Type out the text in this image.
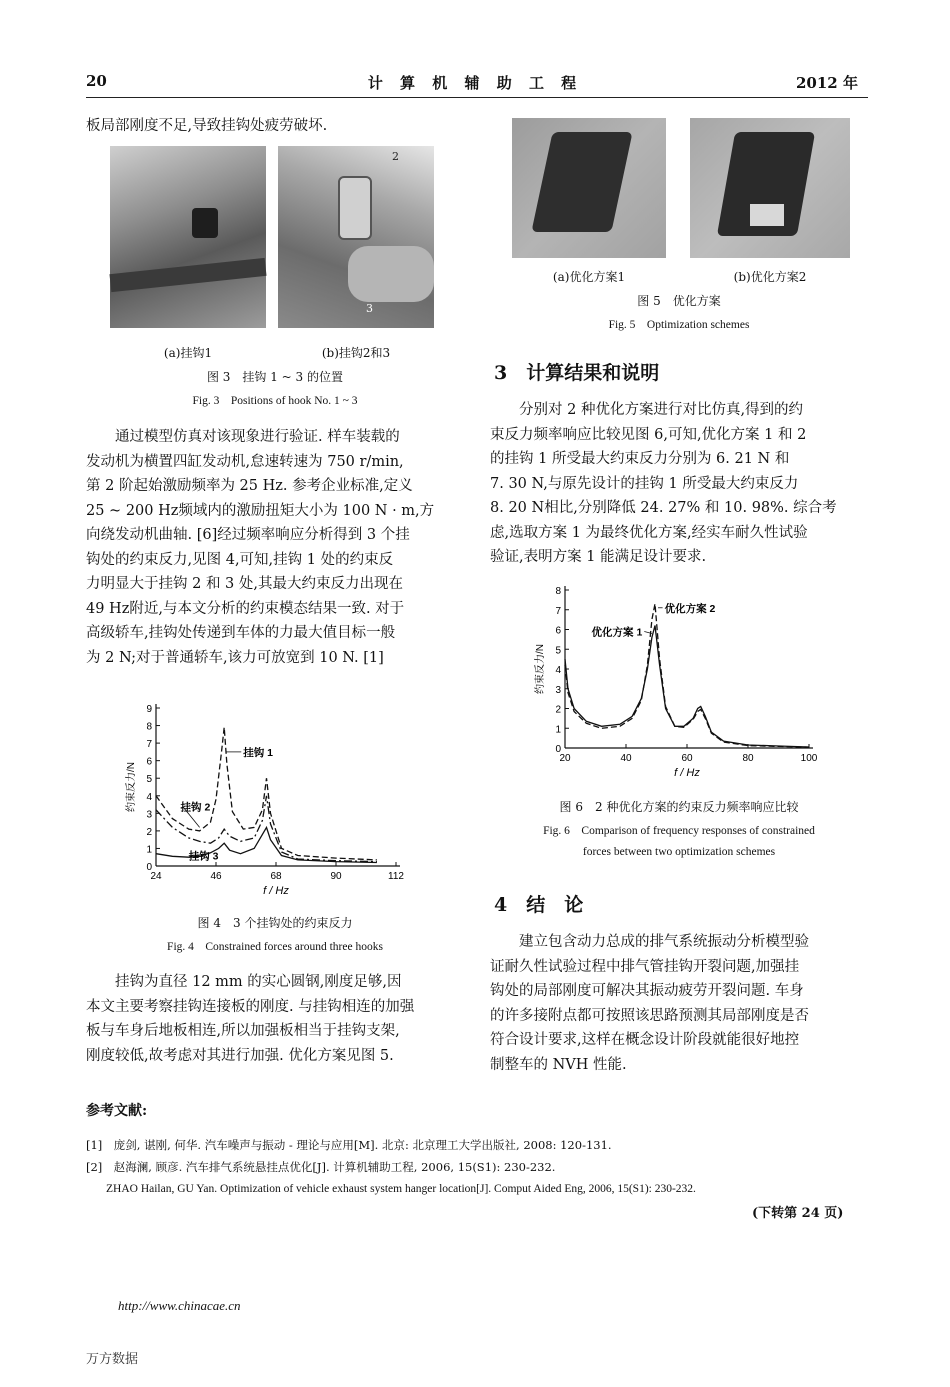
20	计 算 机 辅 助 工 程	2012 年
板局部刚度不足,导致挂钩处疲劳破坏.
2
3
(a)挂钩1	(b)挂钩2和3
图 3　挂钩 1 ~ 3 的位置
Fig. 3　Positions of hook No. 1 ~ 3
通过模型仿真对该现象进行验证. 样车装载的
发动机为横置四缸发动机,怠速转速为 750 r/min,
第 2 阶起始激励频率为 25 Hz. 参考企业标准,定义
25 ~ 200 Hz频域内的激励扭矩大小为 100 N · m,方
向绕发动机曲轴. [6]经过频率响应分析得到 3 个挂
钩处的约束反力,见图 4,可知,挂钩 1 处的约束反
力明显大于挂钩 2 和 3 处,其最大约束反力出现在
49 Hz附近,与本文分析的约束模态结果一致. 对于
高级轿车,挂钩处传递到车体的力最大值目标一般
为 2 N;对于普通轿车,该力可放宽到 10 N. [1]
0
1
2
3
4
5
6
7
8
9
24	46	68	90	112
f / Hz
约束反力/N
挂钩 1
挂钩 2
挂钩 3
图 4　3 个挂钩处的约束反力
Fig. 4　Constrained forces around three hooks
挂钩为直径 12 mm 的实心圆钢,刚度足够,因
本文主要考察挂钩连接板的刚度. 与挂钩相连的加强
板与车身后地板相连,所以加强板相当于挂钩支架,
刚度较低,故考虑对其进行加强. 优化方案见图 5.
(a)优化方案1	(b)优化方案2
图 5　优化方案
Fig. 5　Optimization schemes
3　计算结果和说明
分别对 2 种优化方案进行对比仿真,得到的约
束反力频率响应比较见图 6,可知,优化方案 1 和 2
的挂钩 1 所受最大约束反力分别为 6. 21 N 和
7. 30 N,与原先设计的挂钩 1 所受最大约束反力
8. 20 N相比,分别降低 24. 27% 和 10. 98%. 综合考
虑,选取方案 1 为最终优化方案,经实车耐久性试验
验证,表明方案 1 能满足设计要求.
0
1
2
3
4
5
6
7
8
20	40	60	80	100
f / Hz
约束反力/N
优化方案 1
优化方案 2
图 6　2 种优化方案的约束反力频率响应比较
Fig. 6　Comparison of frequency responses of constrained
forces between two optimization schemes
4　结　论
建立包含动力总成的排气系统振动分析模型验
证耐久性试验过程中排气管挂钩开裂问题,加强挂
钩处的局部刚度可解决其振动疲劳开裂问题. 车身
的许多接附点都可按照该思路预测其局部刚度是否
符合设计要求,这样在概念设计阶段就能很好地控
制整车的 NVH 性能.
参考文献:
[1]　庞剑, 谌刚, 何华. 汽车噪声与振动 - 理论与应用[M]. 北京: 北京理工大学出版社, 2008: 120-131.
[2]　赵海澜, 顾彦. 汽车排气系统悬挂点优化[J]. 计算机辅助工程, 2006, 15(S1): 230-232.
ZHAO Hailan, GU Yan. Optimization of vehicle exhaust system hanger location[J]. Comput Aided Eng, 2006, 15(S1): 230-232.
(下转第 24 页)
http://www.chinacae.cn
万方数据
